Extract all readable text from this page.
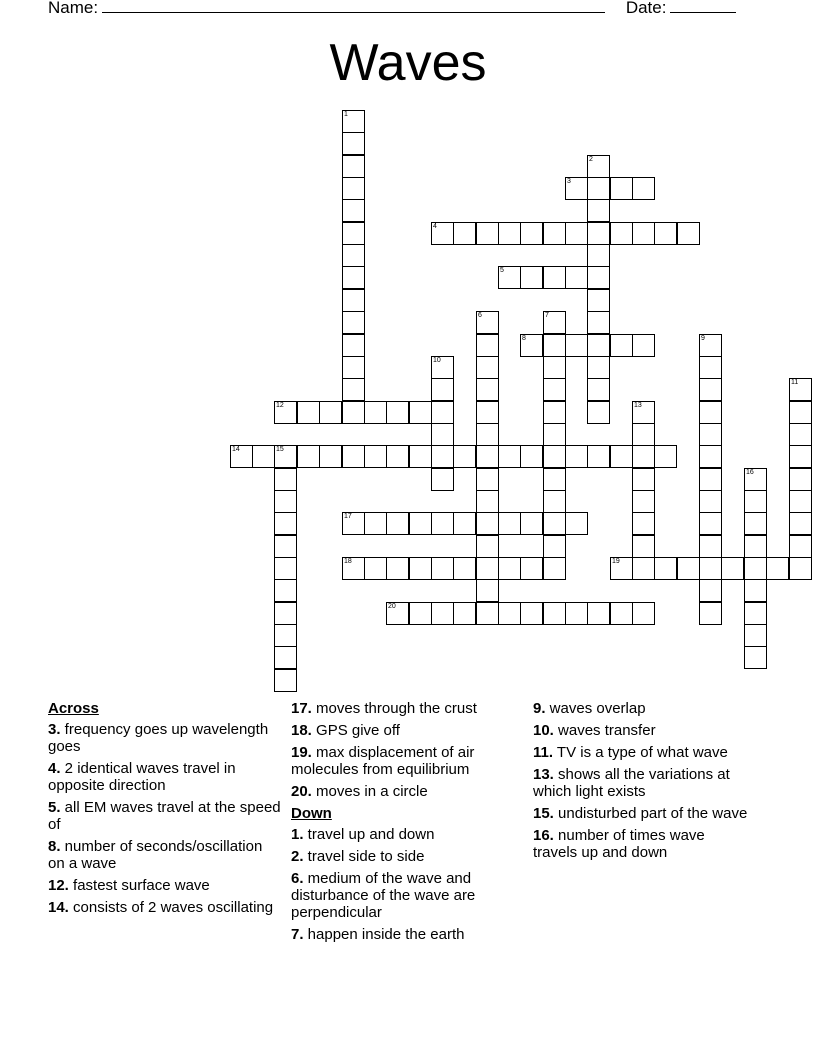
Name:	Date:
Waves
1
2
3
4
5
6	7
8	9
10
11
12	13
14	15
16
17
18	19
20
Across
3. frequency goes up wavelength goes
4. 2 identical waves travel in opposite direction
5. all EM waves travel at the speed of
8. number of seconds/oscillation on a wave
12. fastest surface wave
14. consists of 2 waves oscillating
17. moves through the crust
18. GPS give off
19. max displacement of air molecules from equilibrium
20. moves in a circle
Down
1. travel up and down
2. travel side to side
6. medium of the wave and disturbance of the wave are perpendicular
7. happen inside the earth
9. waves overlap
10. waves transfer
11. TV is a type of what wave
13. shows all the variations at which light exists
15. undisturbed part of the wave
16. number of times wave travels up and down
